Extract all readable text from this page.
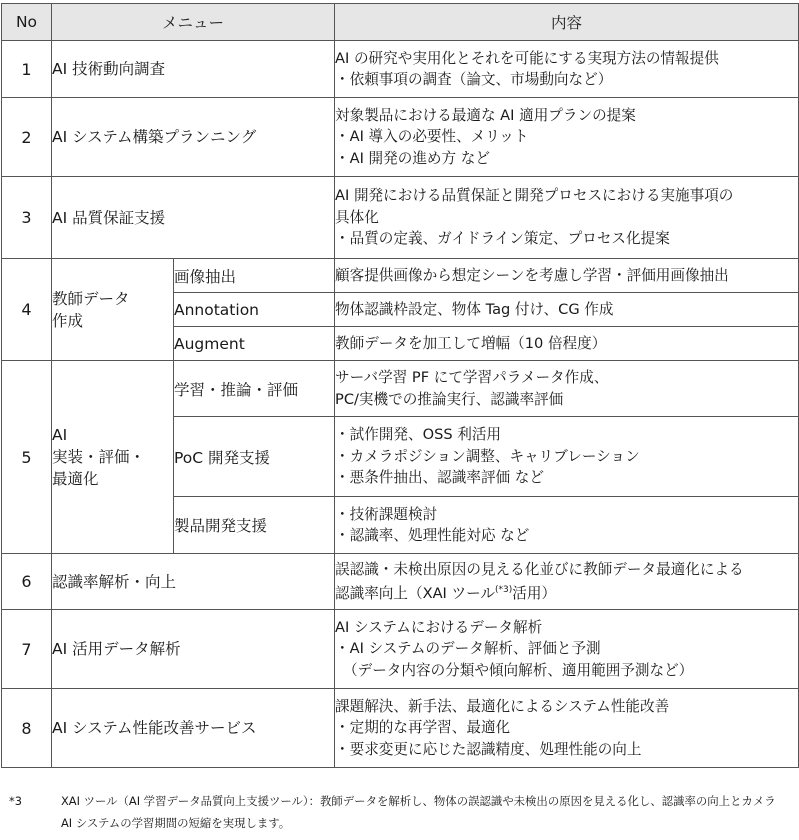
No	メニュー		内容
1	AI 技術動向調査		AI の研究や実用化とそれを可能にする実現方法の情報提供
・依頼事項の調査（論文、市場動向など）

2	AI システム構築プランニング		対象製品における最適な AI 適用プランの提案
・AI 導入の必要性、メリット
・AI 開発の進め方 など

3	AI 品質保証支援		AI 開発における品質保証と開発プロセスにおける実施事項の
具体化
・品質の定義、ガイドライン策定、プロセス化提案

4	教師データ
作成	画像抽出	顧客提供画像から想定シーンを考慮し学習・評価用画像抽出

		Annotation	物体認識枠設定、物体 Tag 付け、CG 作成

		Augment	教師データを加工して増幅（10 倍程度）

5	AI
実装・評価・
最適化	学習・推論・評価	サーバ学習 PF にて学習パラメータ作成、
PC/実機での推論実行、認識率評価

		PoC 開発支援	・試作開発、OSS 利活用
・カメラポジション調整、キャリブレーション
・悪条件抽出、認識率評価 など

		製品開発支援	・技術課題検討
・認識率、処理性能対応 など

6	認識率解析・向上		誤認識・未検出原因の見える化並びに教師データ最適化による
認識率向上（XAI ツール$^{(*3)}$活用）

7	AI 活用データ解析		AI システムにおけるデータ解析
・AI システムのデータ解析、評価と予測
（データ内容の分類や傾向解析、適用範囲予測など）

8	AI システム性能改善サービス		課題解決、新手法、最適化によるシステム性能改善
・定期的な再学習、最適化
・要求変更に応じた認識精度、処理性能の向上
*3	XAI ツール（AI 学習データ品質向上支援ツール）：教師データを解析し、物体の誤認識や未検出の原因を見える化し、認識率の向上とカメラ
AI システムの学習期間の短縮を実現します。
